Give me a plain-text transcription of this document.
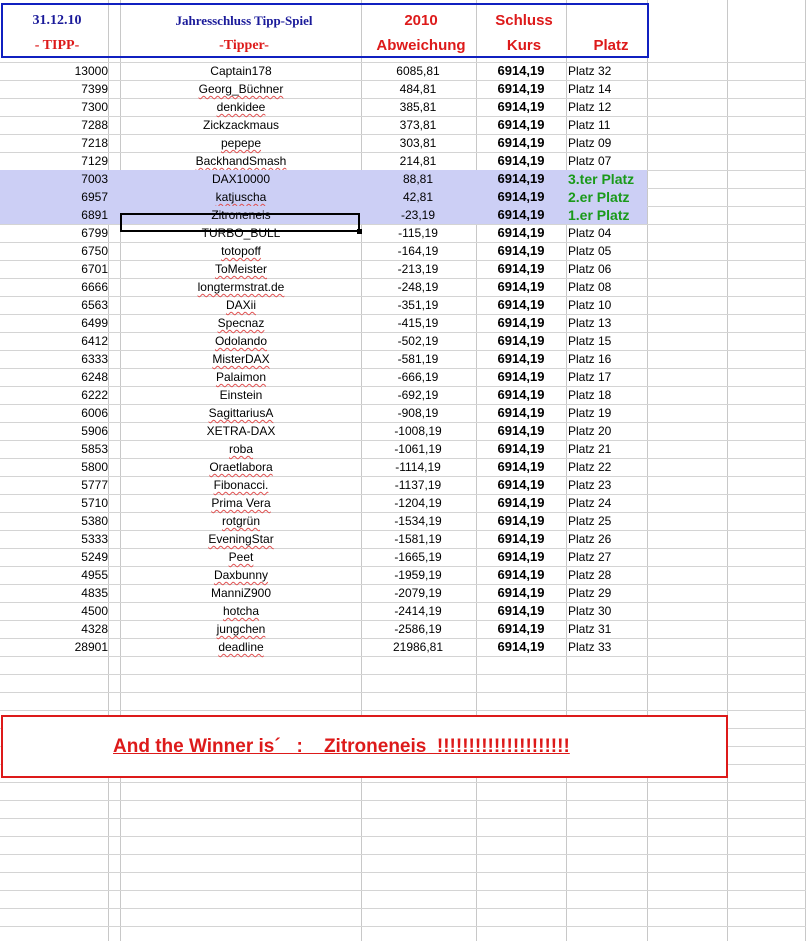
31.12.10	Jahresschluss Tipp-Spiel	2010	Schluss
- TIPP-	-Tipper-	Abweichung	Kurs	Platz
13000	Captain178	6085,81	6914,19	Platz 32
7399	Georg_Büchner	484,81	6914,19	Platz 14
7300	denkidee	385,81	6914,19	Platz 12
7288	Zickzackmaus	373,81	6914,19	Platz 11
7218	pepepe	303,81	6914,19	Platz 09
7129	BackhandSmash	214,81	6914,19	Platz 07
7003	DAX10000	88,81	6914,19	3.ter Platz
6957	katjuscha	42,81	6914,19	2.er Platz
6891	Zitroneneis	-23,19	6914,19	1.er Platz
6799	TURBO_BULL	-115,19	6914,19	Platz 04
6750	totopoff	-164,19	6914,19	Platz 05
6701	ToMeister	-213,19	6914,19	Platz 06
6666	longtermstrat.de	-248,19	6914,19	Platz 08
6563	DAXii	-351,19	6914,19	Platz 10
6499	Specnaz	-415,19	6914,19	Platz 13
6412	Odolando	-502,19	6914,19	Platz 15
6333	MisterDAX	-581,19	6914,19	Platz 16
6248	Palaimon	-666,19	6914,19	Platz 17
6222	Einstein	-692,19	6914,19	Platz 18
6006	SagittariusA	-908,19	6914,19	Platz 19
5906	XETRA-DAX	-1008,19	6914,19	Platz 20
5853	roba	-1061,19	6914,19	Platz 21
5800	Oraetlabora	-1114,19	6914,19	Platz 22
5777	Fibonacci.	-1137,19	6914,19	Platz 23
5710	Prima Vera	-1204,19	6914,19	Platz 24
5380	rotgrün	-1534,19	6914,19	Platz 25
5333	EveningStar	-1581,19	6914,19	Platz 26
5249	Peet	-1665,19	6914,19	Platz 27
4955	Daxbunny	-1959,19	6914,19	Platz 28
4835	ManniZ900	-2079,19	6914,19	Platz 29
4500	hotcha	-2414,19	6914,19	Platz 30
4328	jungchen	-2586,19	6914,19	Platz 31
28901	deadline	21986,81	6914,19	Platz 33
And the Winner is´   :    Zitroneneis  !!!!!!!!!!!!!!!!!!!!!
